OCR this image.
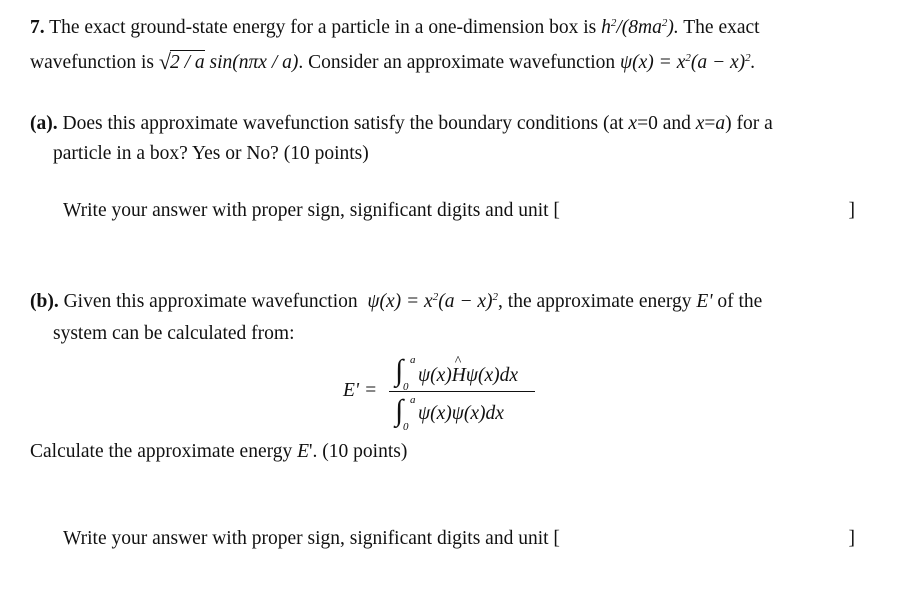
7. The exact ground-state energy for a particle in a one-dimension box is $h^2/(8ma^2)$. The exact
wavefunction is √2 / a sin(nπx / a). Consider an approximate wavefunction $\psi(x) = x^2(a - x)^2$.
(a). Does this approximate wavefunction satisfy the boundary conditions (at x=0 and x=a) for a
particle in a box? Yes or No? (10 points)
Write your answer with proper sign, significant digits and unit [	]
(b). Given this approximate wavefunction  $\psi(x) = x^2(a - x)^2$, the approximate energy E' of the
system can be calculated from:
E' =
∫ a
0
ψ(x)H
^
ψ(x)dx
∫ a
0
ψ(x)ψ(x)dx
Calculate the approximate energy E'. (10 points)
Write your answer with proper sign, significant digits and unit [	]
